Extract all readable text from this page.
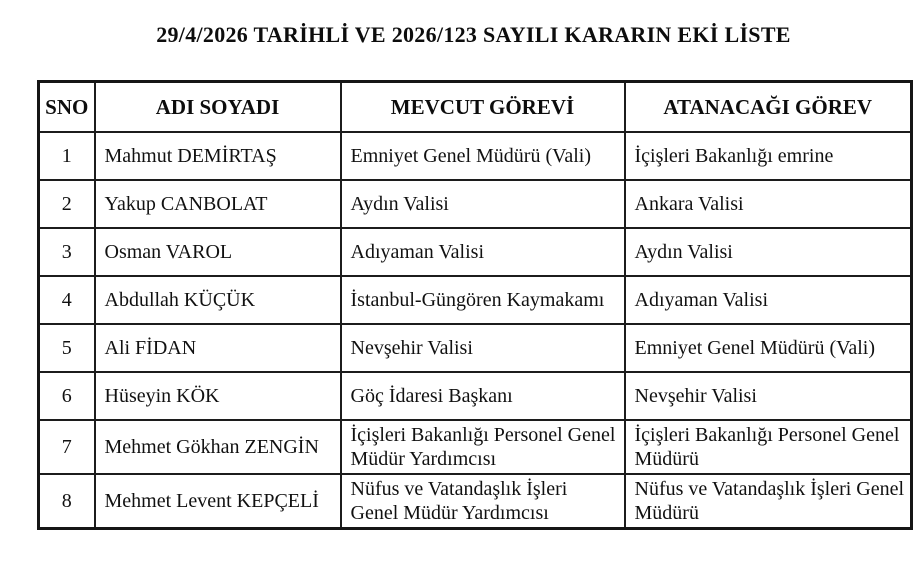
29/4/2026 TARİHLİ VE 2026/123 SAYILI KARARIN EKİ LİSTE
SNO	ADI SOYADI	MEVCUT GÖREVİ	ATANACAĞI GÖREV
1	Mahmut DEMİRTAŞ	Emniyet Genel Müdürü (Vali)	İçişleri Bakanlığı emrine
2	Yakup CANBOLAT	Aydın Valisi	Ankara Valisi
3	Osman VAROL	Adıyaman Valisi	Aydın Valisi
4	Abdullah KÜÇÜK	İstanbul-Güngören Kaymakamı	Adıyaman Valisi
5	Ali FİDAN	Nevşehir Valisi	Emniyet Genel Müdürü (Vali)
6	Hüseyin KÖK	Göç İdaresi Başkanı	Nevşehir Valisi
7	Mehmet Gökhan ZENGİN	İçişleri Bakanlığı Personel Genel Müdür Yardımcısı	İçişleri Bakanlığı Personel Genel Müdürü
8	Mehmet Levent KEPÇELİ	Nüfus ve Vatandaşlık İşleri Genel Müdür Yardımcısı	Nüfus ve Vatandaşlık İşleri Genel Müdürü
